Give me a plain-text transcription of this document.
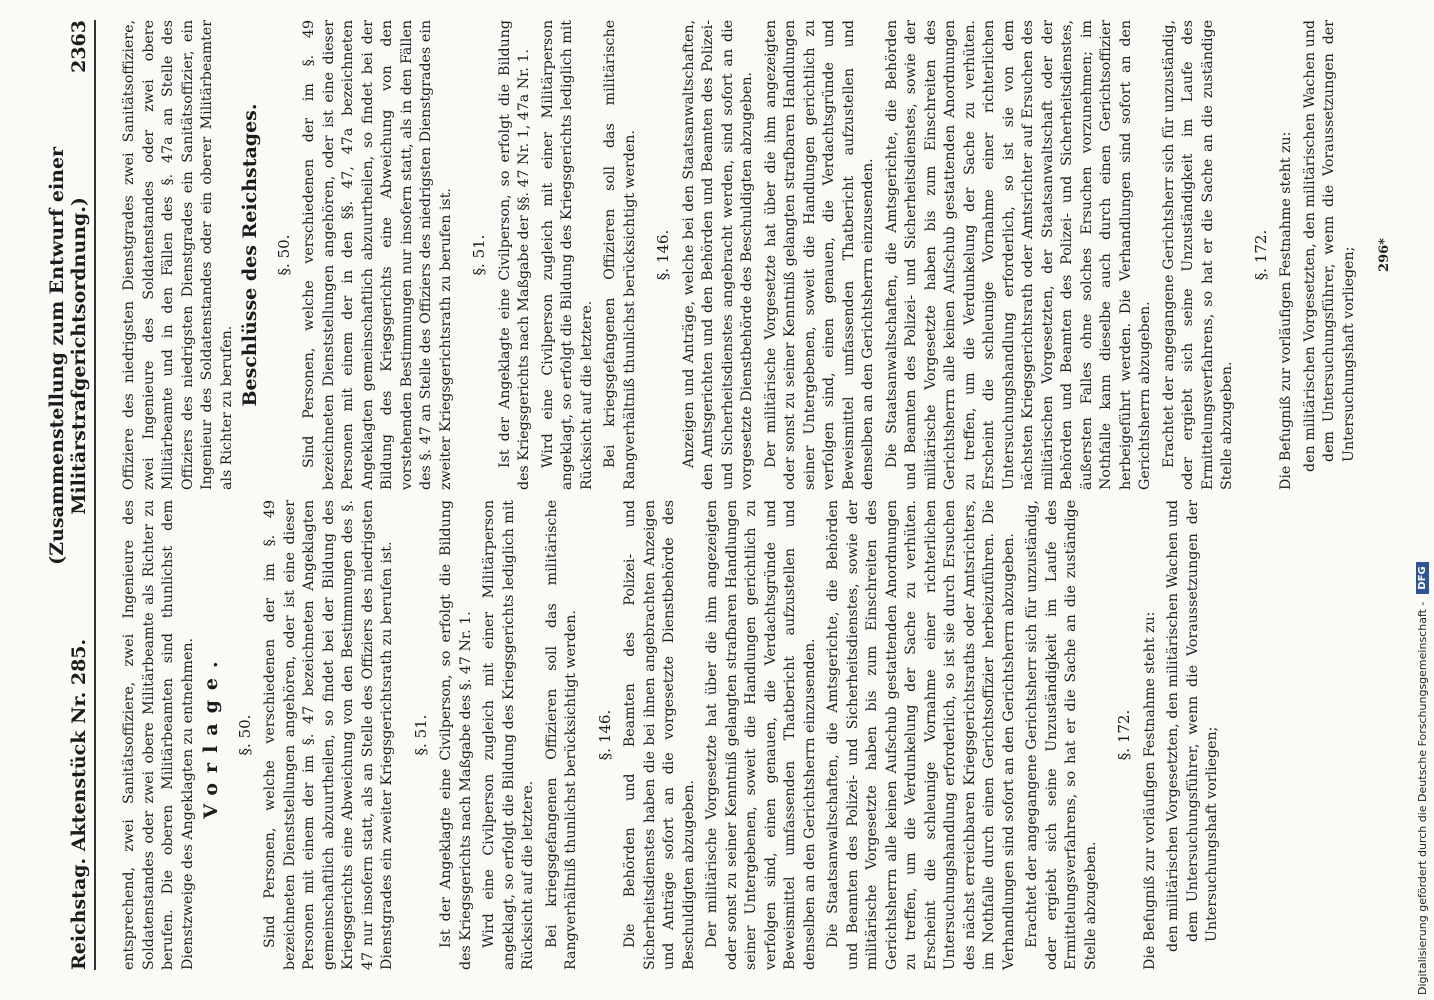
Reichstag. Aktenstück Nr. 285.
(Zusammenstellung zum Entwurf einer Militärstrafgerichtsordnung.)
2363

entsprechend, zwei Sanitätsoffiziere, zwei Ingenieure des Soldatenstandes oder zwei obere Militärbeamte als Richter zu berufen. Die oberen Militärbeamten sind thunlichst dem Dienstzweige des Angeklagten zu entnehmen. Vorlage. §. 50. Sind Personen, welche verschiedenen der im §. 49 bezeichneten Dienststellungen angehören, oder ist eine dieser Personen mit einem der im §. 47 bezeichneten Angeklagten gemeinschaftlich abzuurtheilen, so findet bei der Bildung des Kriegsgerichts eine Abweichung von den Bestimmungen des §. 47 nur insofern statt, als an Stelle des Offiziers des niedrigsten Dienstgrades ein zweiter Kriegsgerichtsrath zu berufen ist. §. 51. Ist der Angeklagte eine Civilperson, so erfolgt die Bildung des Kriegsgerichts nach Maßgabe des §. 47 Nr. 1. Wird eine Civilperson zugleich mit einer Militärperson angeklagt, so erfolgt die Bildung des Kriegsgerichts lediglich mit Rücksicht auf die letztere. Bei kriegsgefangenen Offizieren soll das militärische Rangverhältniß thunlichst berücksichtigt werden. §. 146. Die Behörden und Beamten des Polizei- und Sicherheitsdienstes haben die bei ihnen angebrachten Anzeigen und Anträge sofort an die vorgesetzte Dienstbehörde des Beschuldigten abzugeben. Der militärische Vorgesetzte hat über die ihm angezeigten oder sonst zu seiner Kenntniß gelangten strafbaren Handlungen seiner Untergebenen, soweit die Handlungen gerichtlich zu verfolgen sind, einen genauen, die Verdachtsgründe und Beweismittel umfassenden Thatbericht aufzustellen und denselben an den Gerichtsherrn einzusenden. Die Staatsanwaltschaften, die Amtsgerichte, die Behörden und Beamten des Polizei- und Sicherheitsdienstes, sowie der militärische Vorgesetzte haben bis zum Einschreiten des Gerichtsherrn alle keinen Aufschub gestattenden Anordnungen zu treffen, um die Verdunkelung der Sache zu verhüten. Erscheint die schleunige Vornahme einer richterlichen Untersuchungshandlung erforderlich, so ist sie durch Ersuchen des nächst erreichbaren Kriegsgerichtsraths oder Amtsrichters, im Nothfalle durch einen Gerichtsoffizier herbeizuführen. Die Verhandlungen sind sofort an den Gerichtsherrn abzugeben. Erachtet der angegangene Gerichtsherr sich für unzuständig, oder ergiebt sich seine Unzuständigkeit im Laufe des Ermittelungsverfahrens, so hat er die Sache an die zuständige Stelle abzugeben.

§. 172. Die Befugniß zur vorläufigen Festnahme steht zu: den militärischen Vorgesetzten, den militärischen Wachen und dem Untersuchungsführer, wenn die Voraussetzungen der Untersuchungshaft vorliegen;

Offiziere des niedrigsten Dienstgrades zwei Sanitätsoffiziere, zwei Ingenieure des Soldatenstandes oder zwei obere Militärbeamte und in den Fällen des §. 47a an Stelle des Offiziers des niedrigsten Dienstgrades ein Sanitätsoffizier, ein Ingenieur des Soldatenstandes oder ein oberer Militärbeamter als Richter zu berufen.

Beschlüsse des Reichstages. §. 50. Sind Personen, welche verschiedenen der im §. 49 bezeichneten Dienststellungen angehören, oder ist eine dieser Personen mit einem der in den §§. 47, 47a bezeichneten Angeklagten gemeinschaftlich abzuurtheilen, so findet bei der Bildung des Kriegsgerichts eine Abweichung von den vorstehenden Bestimmungen nur insofern statt, als in den Fällen des §. 47 an Stelle des Offiziers des niedrigsten Dienstgrades ein zweiter Kriegsgerichtsrath zu berufen ist. §. 51. Ist der Angeklagte eine Civilperson, so erfolgt die Bildung des Kriegsgerichts nach Maßgabe der §§. 47 Nr. 1, 47a Nr. 1. Wird eine Civilperson zugleich mit einer Militärperson angeklagt, so erfolgt die Bildung des Kriegsgerichts lediglich mit Rücksicht auf die letztere. Bei kriegsgefangenen Offizieren soll das militärische Rangverhältniß thunlichst berücksichtigt werden. §. 146. Anzeigen und Anträge, welche bei den Staatsanwaltschaften, den Amtsgerichten und den Behörden und Beamten des Polizei- und Sicherheitsdienstes angebracht werden, sind sofort an die vorgesetzte Dienstbehörde des Beschuldigten abzugeben. Der militärische Vorgesetzte hat über die ihm angezeigten oder sonst zu seiner Kenntniß gelangten strafbaren Handlungen seiner Untergebenen, soweit die Handlungen gerichtlich zu verfolgen sind, einen genauen, die Verdachtsgründe und Beweismittel umfassenden Thatbericht aufzustellen und denselben an den Gerichtsherrn einzusenden. Die Staatsanwaltschaften, die Amtsgerichte, die Behörden und Beamten des Polizei- und Sicherheitsdienstes, sowie der militärische Vorgesetzte haben bis zum Einschreiten des Gerichtsherrn alle keinen Aufschub gestattenden Anordnungen zu treffen, um die Verdunkelung der Sache zu verhüten. Erscheint die schleunige Vornahme einer richterlichen Untersuchungshandlung erforderlich, so ist sie von dem nächsten Kriegsgerichtsrath oder Amtsrichter auf Ersuchen des militärischen Vorgesetzten, der Staatsanwaltschaft oder der Behörden und Beamten des Polizei- und Sicherheitsdienstes, äußersten Falles ohne solches Ersuchen vorzunehmen; im Nothfalle kann dieselbe auch durch einen Gerichtsoffizier herbeigeführt werden. Die Verhandlungen sind sofort an den Gerichtsherrn abzugeben. Erachtet der angegangene Gerichtsherr sich für unzuständig, oder ergiebt sich seine Unzuständigkeit im Laufe des Ermittelungsverfahrens, so hat er die Sache an die zuständige Stelle abzugeben.

§. 172. Die Befugniß zur vorläufigen Festnahme steht zu: den militärischen Vorgesetzten, den militärischen Wachen und dem Untersuchungsführer, wenn die Voraussetzungen der Untersuchungshaft vorliegen; 296*
Digitalisierung gefördert durch die Deutsche Forschungsgemeinschaft -
DFG
